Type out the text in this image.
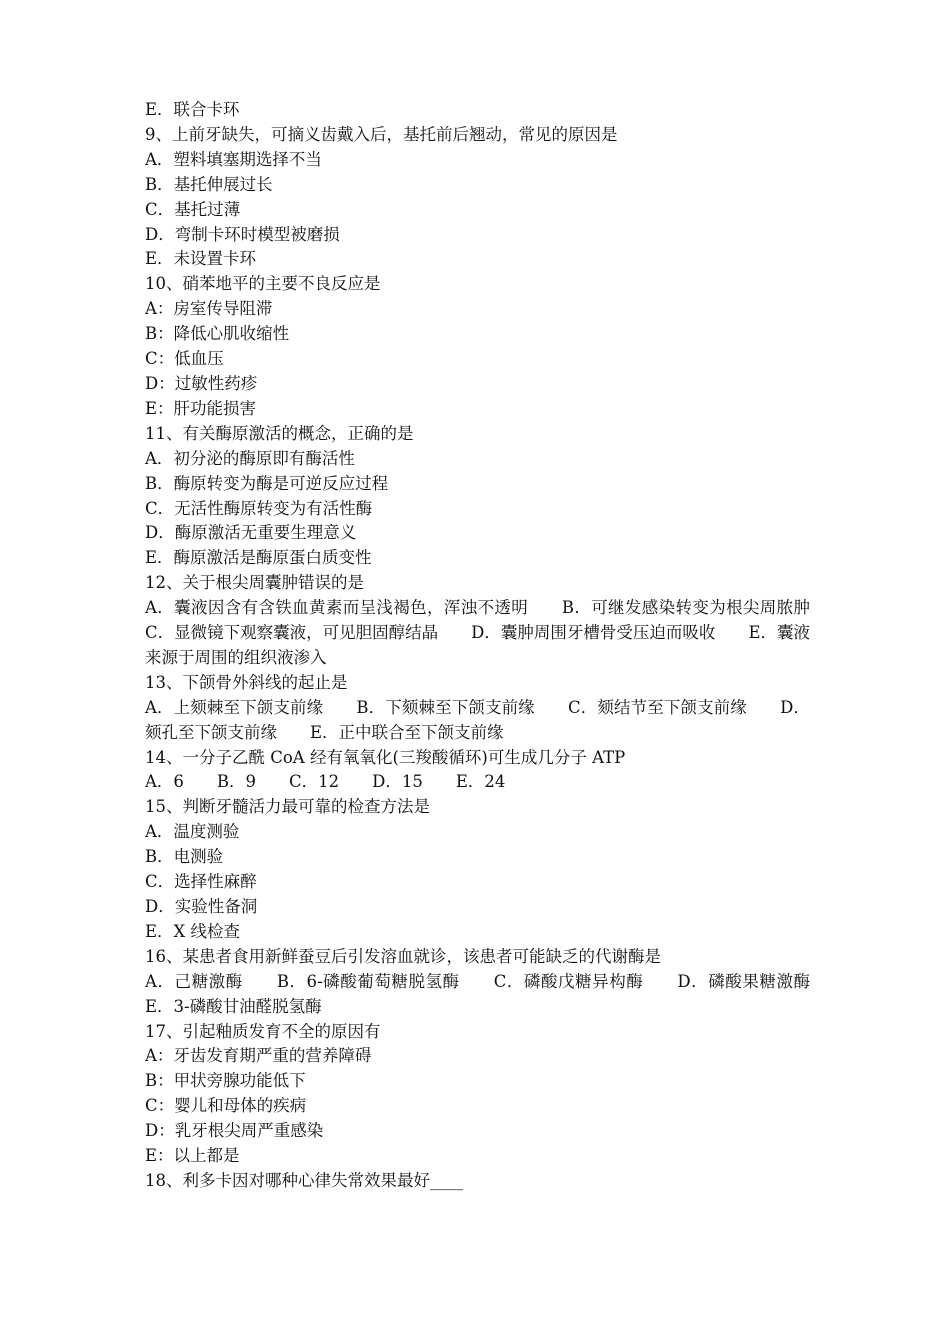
E．联合卡环
9、上前牙缺失，可摘义齿戴入后，基托前后翘动，常见的原因是
A．塑料填塞期选择不当
B．基托伸展过长
C．基托过薄
D．弯制卡环时模型被磨损
E．未设置卡环
10、硝苯地平的主要不良反应是
A：房室传导阻滞
B：降低心肌收缩性
C：低血压
D：过敏性药疹
E：肝功能损害
11、有关酶原激活的概念，正确的是
A．初分泌的酶原即有酶活性
B．酶原转变为酶是可逆反应过程
C．无活性酶原转变为有活性酶
D．酶原激活无重要生理意义
E．酶原激活是酶原蛋白质变性
12、关于根尖周囊肿错误的是
A．囊液因含有含铁血黄素而呈浅褐色，浑浊不透明　　B．可继发感染转变为根尖周脓肿　　C．显微镜下观察囊液，可见胆固醇结晶　　D．囊肿周围牙槽骨受压迫而吸收　　E．囊液来源于周围的组织液渗入
13、下颌骨外斜线的起止是
A．上颏棘至下颌支前缘　　B．下颏棘至下颌支前缘　　C．颏结节至下颌支前缘　　D．颏孔至下颌支前缘　　E．正中联合至下颌支前缘
14、一分子乙酰 CoA 经有氧氧化(三羧酸循环)可生成几分子 ATP
A．6　　B．9　　C．12　　D．15　　E．24
15、判断牙髓活力最可靠的检查方法是
A．温度测验
B．电测验
C．选择性麻醉
D．实验性备洞
E．X 线检查
16、某患者食用新鲜蚕豆后引发溶血就诊，该患者可能缺乏的代谢酶是
A．己糖激酶　　B．6-磷酸葡萄糖脱氢酶　　C．磷酸戊糖异构酶　　D．磷酸果糖激酶　　E．3-磷酸甘油醛脱氢酶
17、引起釉质发育不全的原因有
A：牙齿发育期严重的营养障碍
B：甲状旁腺功能低下
C：婴儿和母体的疾病
D：乳牙根尖周严重感染
E：以上都是
18、利多卡因对哪种心律失常效果最好____
